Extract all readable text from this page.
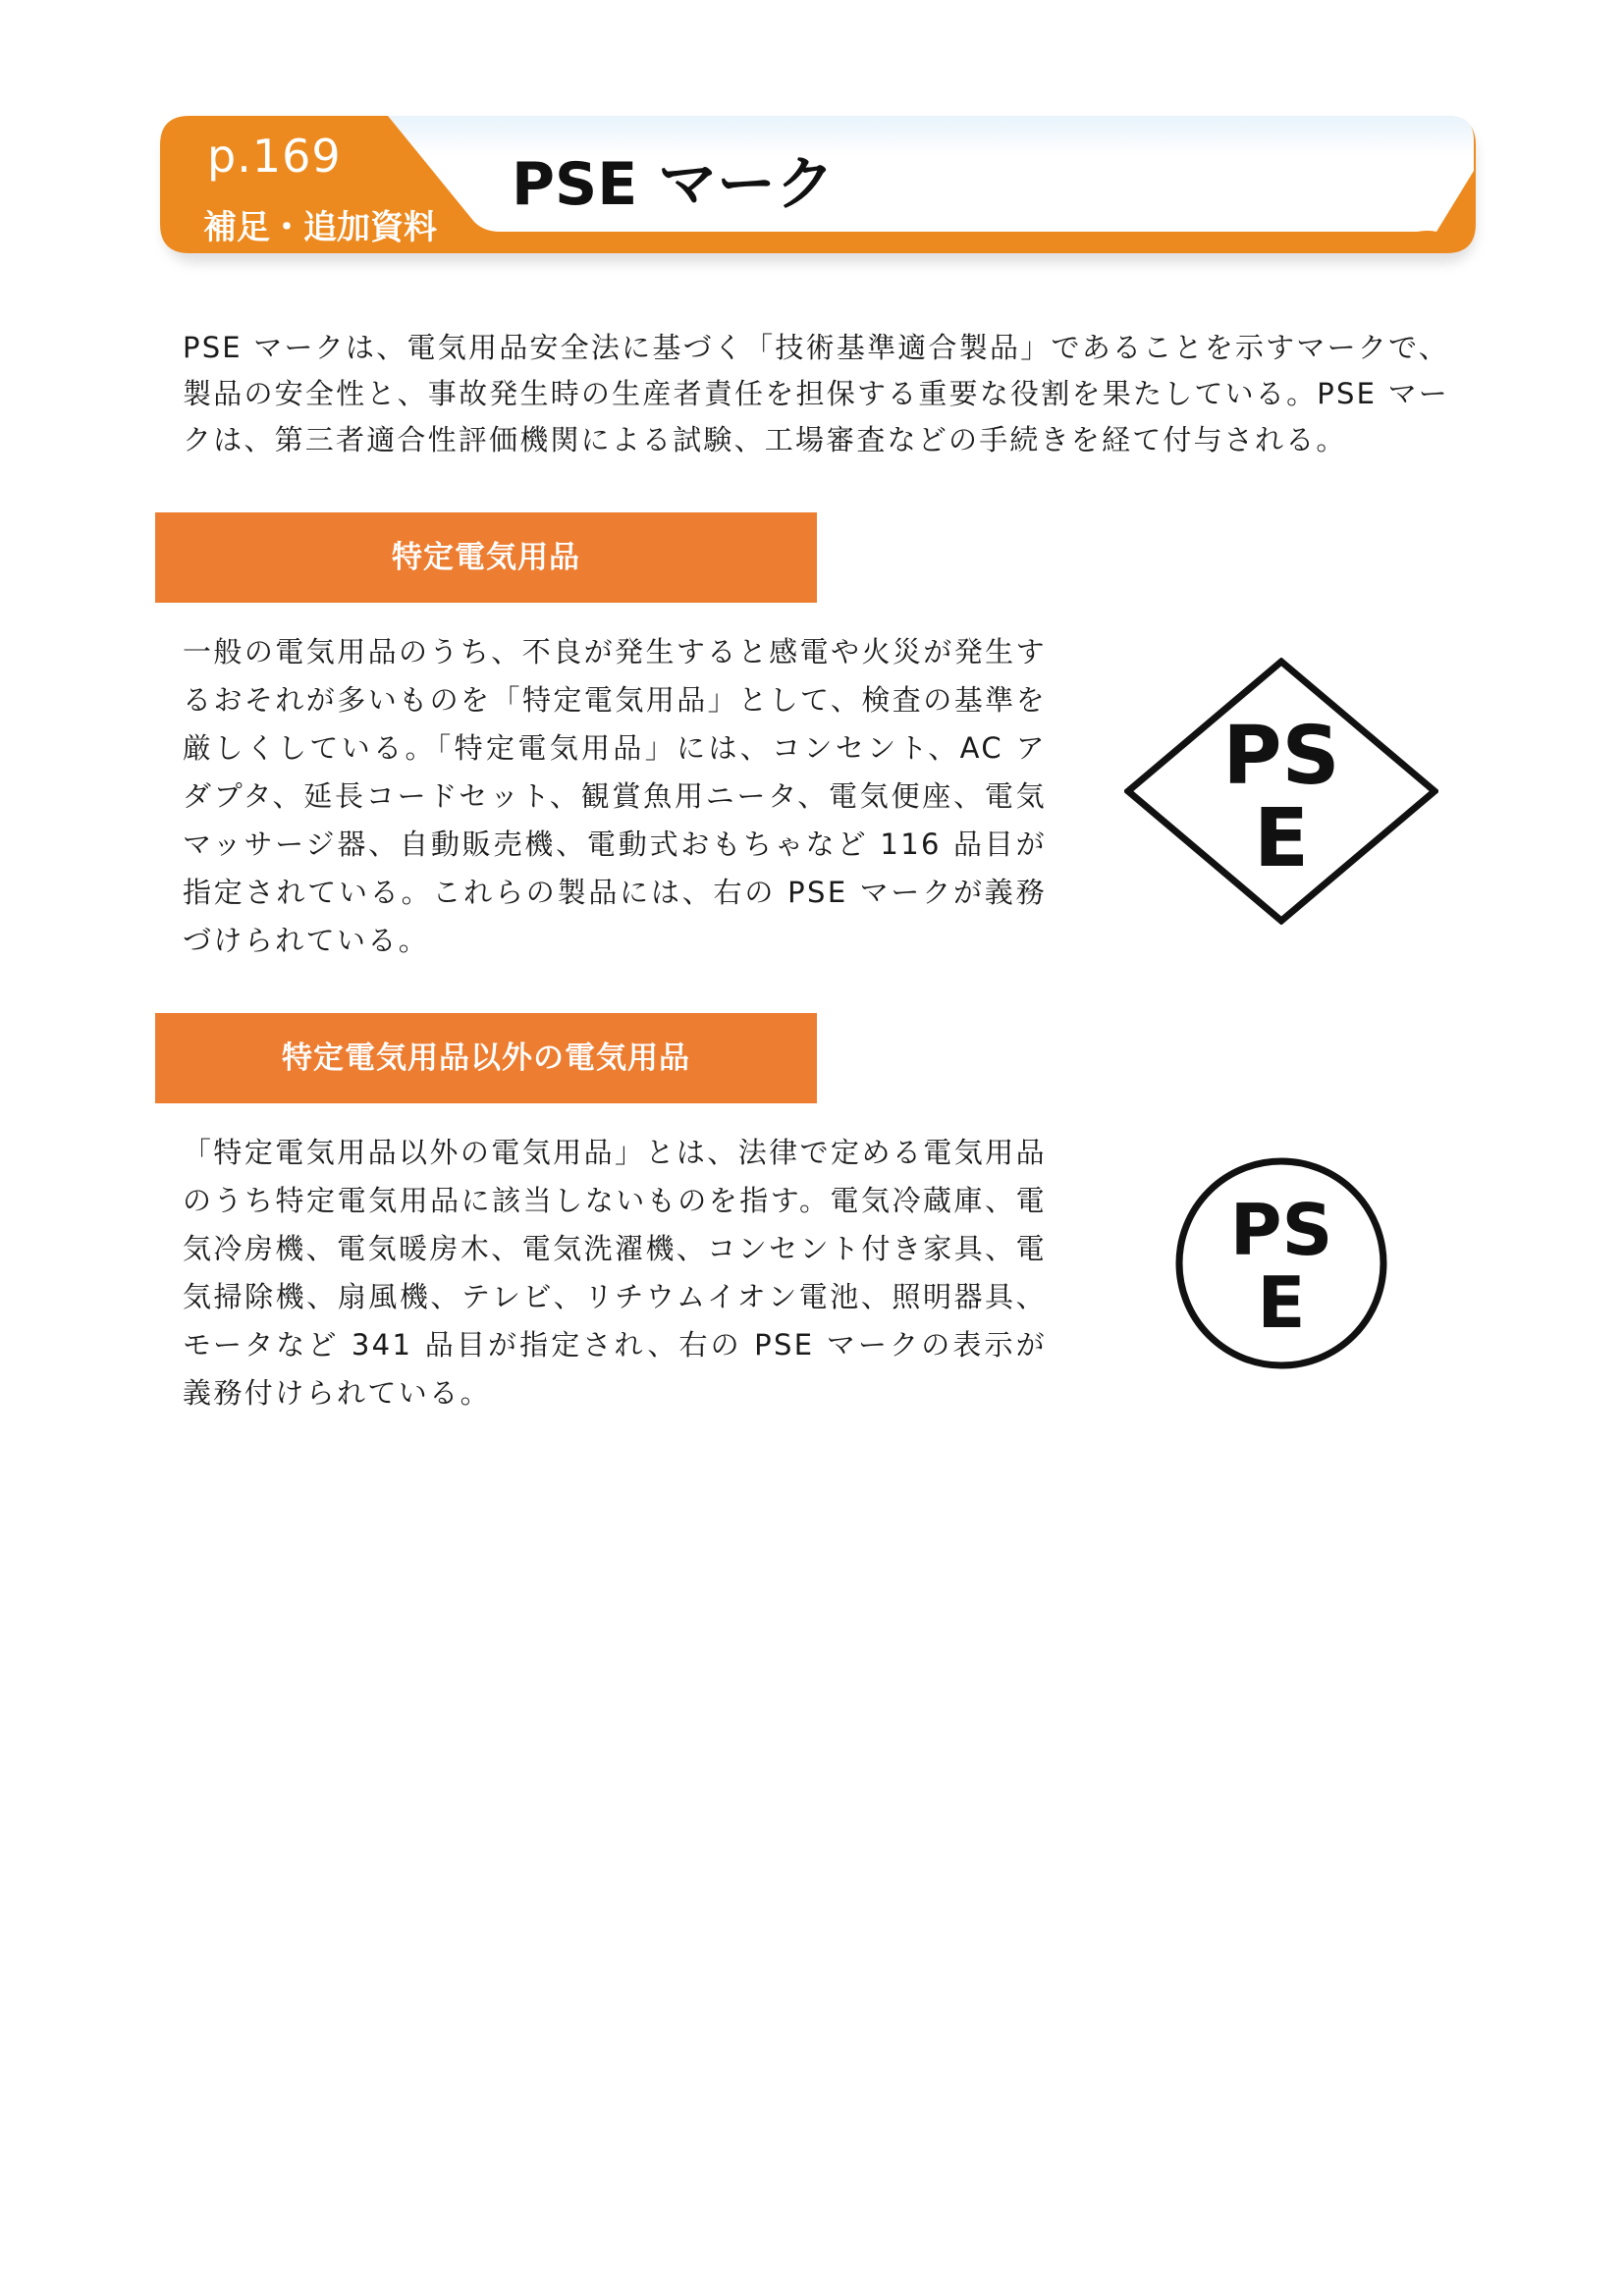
p.169
補足・追加資料
PSE マーク
PSE マークは、電気用品安全法に基づく「技術基準適合製品」であることを示すマークで、製品の安全性と、事故発生時の生産者責任を担保する重要な役割を果たしている。PSE マークは、第三者適合性評価機関による試験、工場審査などの手続きを経て付与される。
特定電気用品
一般の電気用品のうち、不良が発生すると感電や火災が発生するおそれが多いものを「特定電気用品」として、検査の基準を厳しくしている。「特定電気用品」には、コンセント、AC アダプタ、延長コードセット、観賞魚用ニータ、電気便座、電気マッサージ器、自動販売機、電動式おもちゃなど 116 品目が指定されている。これらの製品には、右の PSE マークが義務づけられている。
PS
E
特定電気用品以外の電気用品
「特定電気用品以外の電気用品」とは、法律で定める電気用品のうち特定電気用品に該当しないものを指す。電気冷蔵庫、電気冷房機、電気暖房木、電気洗濯機、コンセント付き家具、電気掃除機、扇風機、テレビ、リチウムイオン電池、照明器具、モータなど 341 品目が指定され、右の PSE マークの表示が義務付けられている。
PS
E
